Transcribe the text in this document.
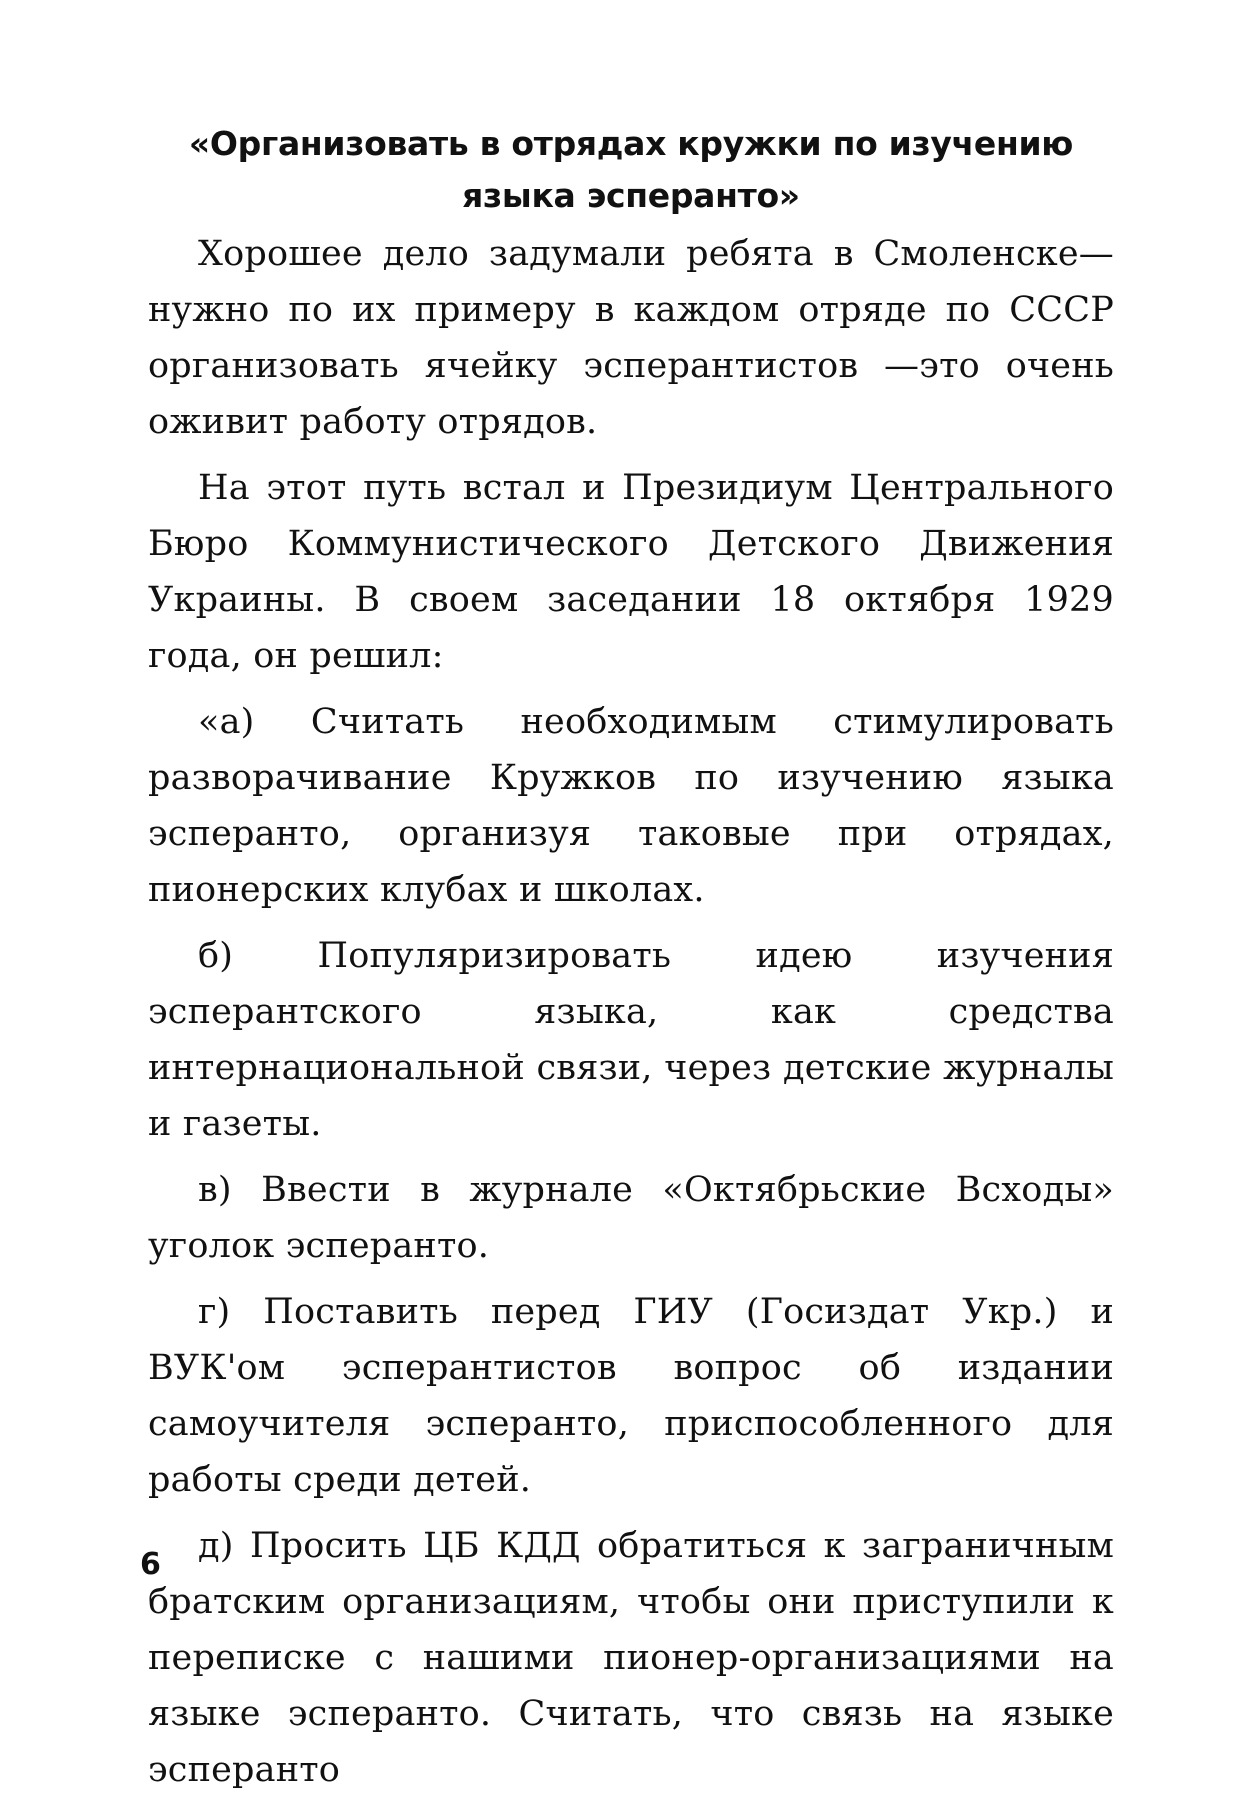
«Организовать в отрядах кружки по изучению языка эсперанто»

Хорошее дело задумали ребята в Смоленске—нужно по их примеру в каждом отряде по СССР организовать ячейку эсперантистов —это очень оживит работу отрядов.

На этот путь встал и Президиум Центрального Бюро Коммунистического Детского Движения Украины. В своем заседании 18 октября 1929 года, он решил:

«а) Считать необходимым стимулировать разворачивание Кружков по изучению языка эсперанто, организуя таковые при отрядах, пионерских клубах и школах.

б) Популяризировать идею изучения эсперантского языка, как средства интернациональной связи, через детские журналы и газеты.

в) Ввести в журнале «Октябрьские Всходы» уголок эсперанто.

г) Поставить перед ГИУ (Госиздат Укр.) и ВУК'ом эсперантистов вопрос об издании самоучителя эсперанто, приспособленного для работы среди детей.

д) Просить ЦБ КДД обратиться к заграничным братским организациям, чтобы они приступили к переписке с нашими пионер-организациями на языке эсперанто. Считать, что связь на языке эсперанто

6
